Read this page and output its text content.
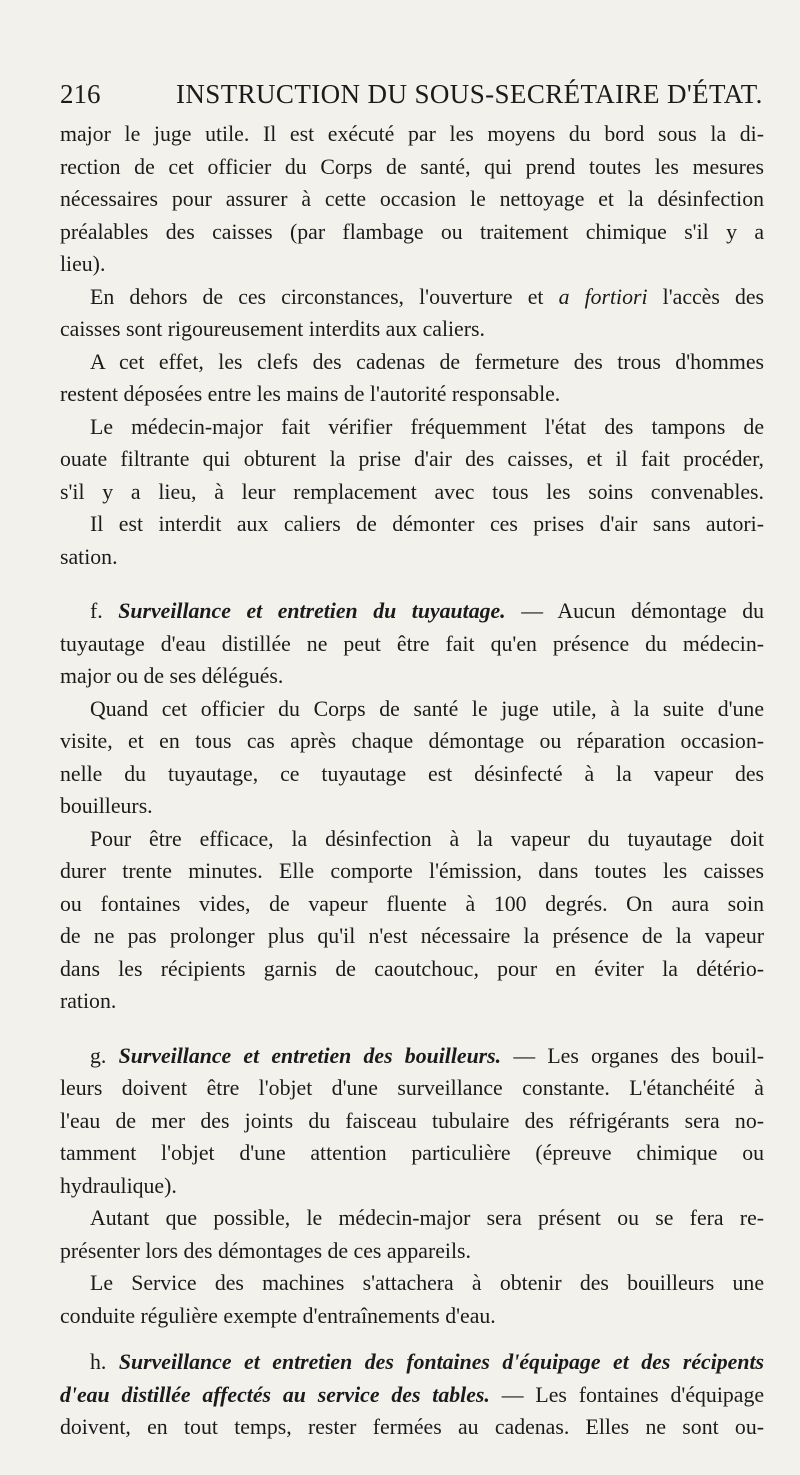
216	INSTRUCTION DU SOUS-SECRÉTAIRE D'ÉTAT.
major le juge utile. Il est exécuté par les moyens du bord sous la di-
rection de cet officier du Corps de santé, qui prend toutes les mesures
nécessaires pour assurer à cette occasion le nettoyage et la désinfection
préalables des caisses (par flambage ou traitement chimique s'il y a
lieu).
En dehors de ces circonstances, l'ouverture et a fortiori l'accès des
caisses sont rigoureusement interdits aux caliers.
A cet effet, les clefs des cadenas de fermeture des trous d'hommes
restent déposées entre les mains de l'autorité responsable.
Le médecin-major fait vérifier fréquemment l'état des tampons de
ouate filtrante qui obturent la prise d'air des caisses, et il fait procéder,
s'il y a lieu, à leur remplacement avec tous les soins convenables.
Il est interdit aux caliers de démonter ces prises d'air sans autori-
sation.
f. Surveillance et entretien du tuyautage. — Aucun démontage du
tuyautage d'eau distillée ne peut être fait qu'en présence du médecin-
major ou de ses délégués.
Quand cet officier du Corps de santé le juge utile, à la suite d'une
visite, et en tous cas après chaque démontage ou réparation occasion-
nelle du tuyautage, ce tuyautage est désinfecté à la vapeur des
bouilleurs.
Pour être efficace, la désinfection à la vapeur du tuyautage doit
durer trente minutes. Elle comporte l'émission, dans toutes les caisses
ou fontaines vides, de vapeur fluente à 100 degrés. On aura soin
de ne pas prolonger plus qu'il n'est nécessaire la présence de la vapeur
dans les récipients garnis de caoutchouc, pour en éviter la détério-
ration.
g. Surveillance et entretien des bouilleurs. — Les organes des bouil-
leurs doivent être l'objet d'une surveillance constante. L'étanchéité à
l'eau de mer des joints du faisceau tubulaire des réfrigérants sera no-
tamment l'objet d'une attention particulière (épreuve chimique ou
hydraulique).
Autant que possible, le médecin-major sera présent ou se fera re-
présenter lors des démontages de ces appareils.
Le Service des machines s'attachera à obtenir des bouilleurs une
conduite régulière exempte d'entraînements d'eau.
h. Surveillance et entretien des fontaines d'équipage et des récipents
d'eau distillée affectés au service des tables. — Les fontaines d'équipage
doivent, en tout temps, rester fermées au cadenas. Elles ne sont ou-
